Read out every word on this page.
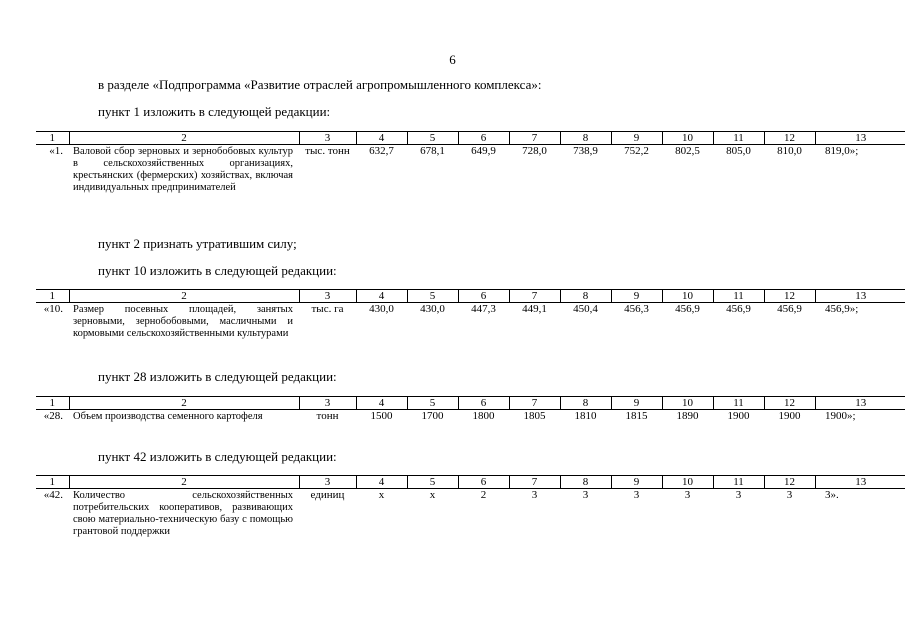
6
в разделе «Подпрограмма «Развитие отраслей агропромышленного комплекса»:
пункт 1 изложить в следующей редакции:
1	2	3	4	5	6	7	8	9	10	11	12	13
«1.	Валовой сбор зерновых и зернобобовых культур в сельскохозяйственных организациях, крестьянских (фермерских) хозяйствах, включая индивидуальных предпринимателей	тыс. тонн	632,7	678,1	649,9	728,0	738,9	752,2	802,5	805,0	810,0	819,0»;
пункт 2 признать утратившим силу;
пункт 10 изложить в следующей редакции:
1	2	3	4	5	6	7	8	9	10	11	12	13
«10.	Размер посевных площадей, занятых зерновыми, зернобобовыми, масличными и кормовыми сельскохозяйственными культурами	тыс. га	430,0	430,0	447,3	449,1	450,4	456,3	456,9	456,9	456,9	456,9»;
пункт 28 изложить в следующей редакции:
1	2	3	4	5	6	7	8	9	10	11	12	13
«28.	Объем производства семенного картофеля	тонн	1500	1700	1800	1805	1810	1815	1890	1900	1900	1900»;
пункт 42 изложить в следующей редакции:
1	2	3	4	5	6	7	8	9	10	11	12	13
«42.	Количество сельскохозяйственных потребительских кооперативов, развивающих свою материально-техническую базу с помощью грантовой поддержки	единиц	х	х	2	3	3	3	3	3	3	3».
